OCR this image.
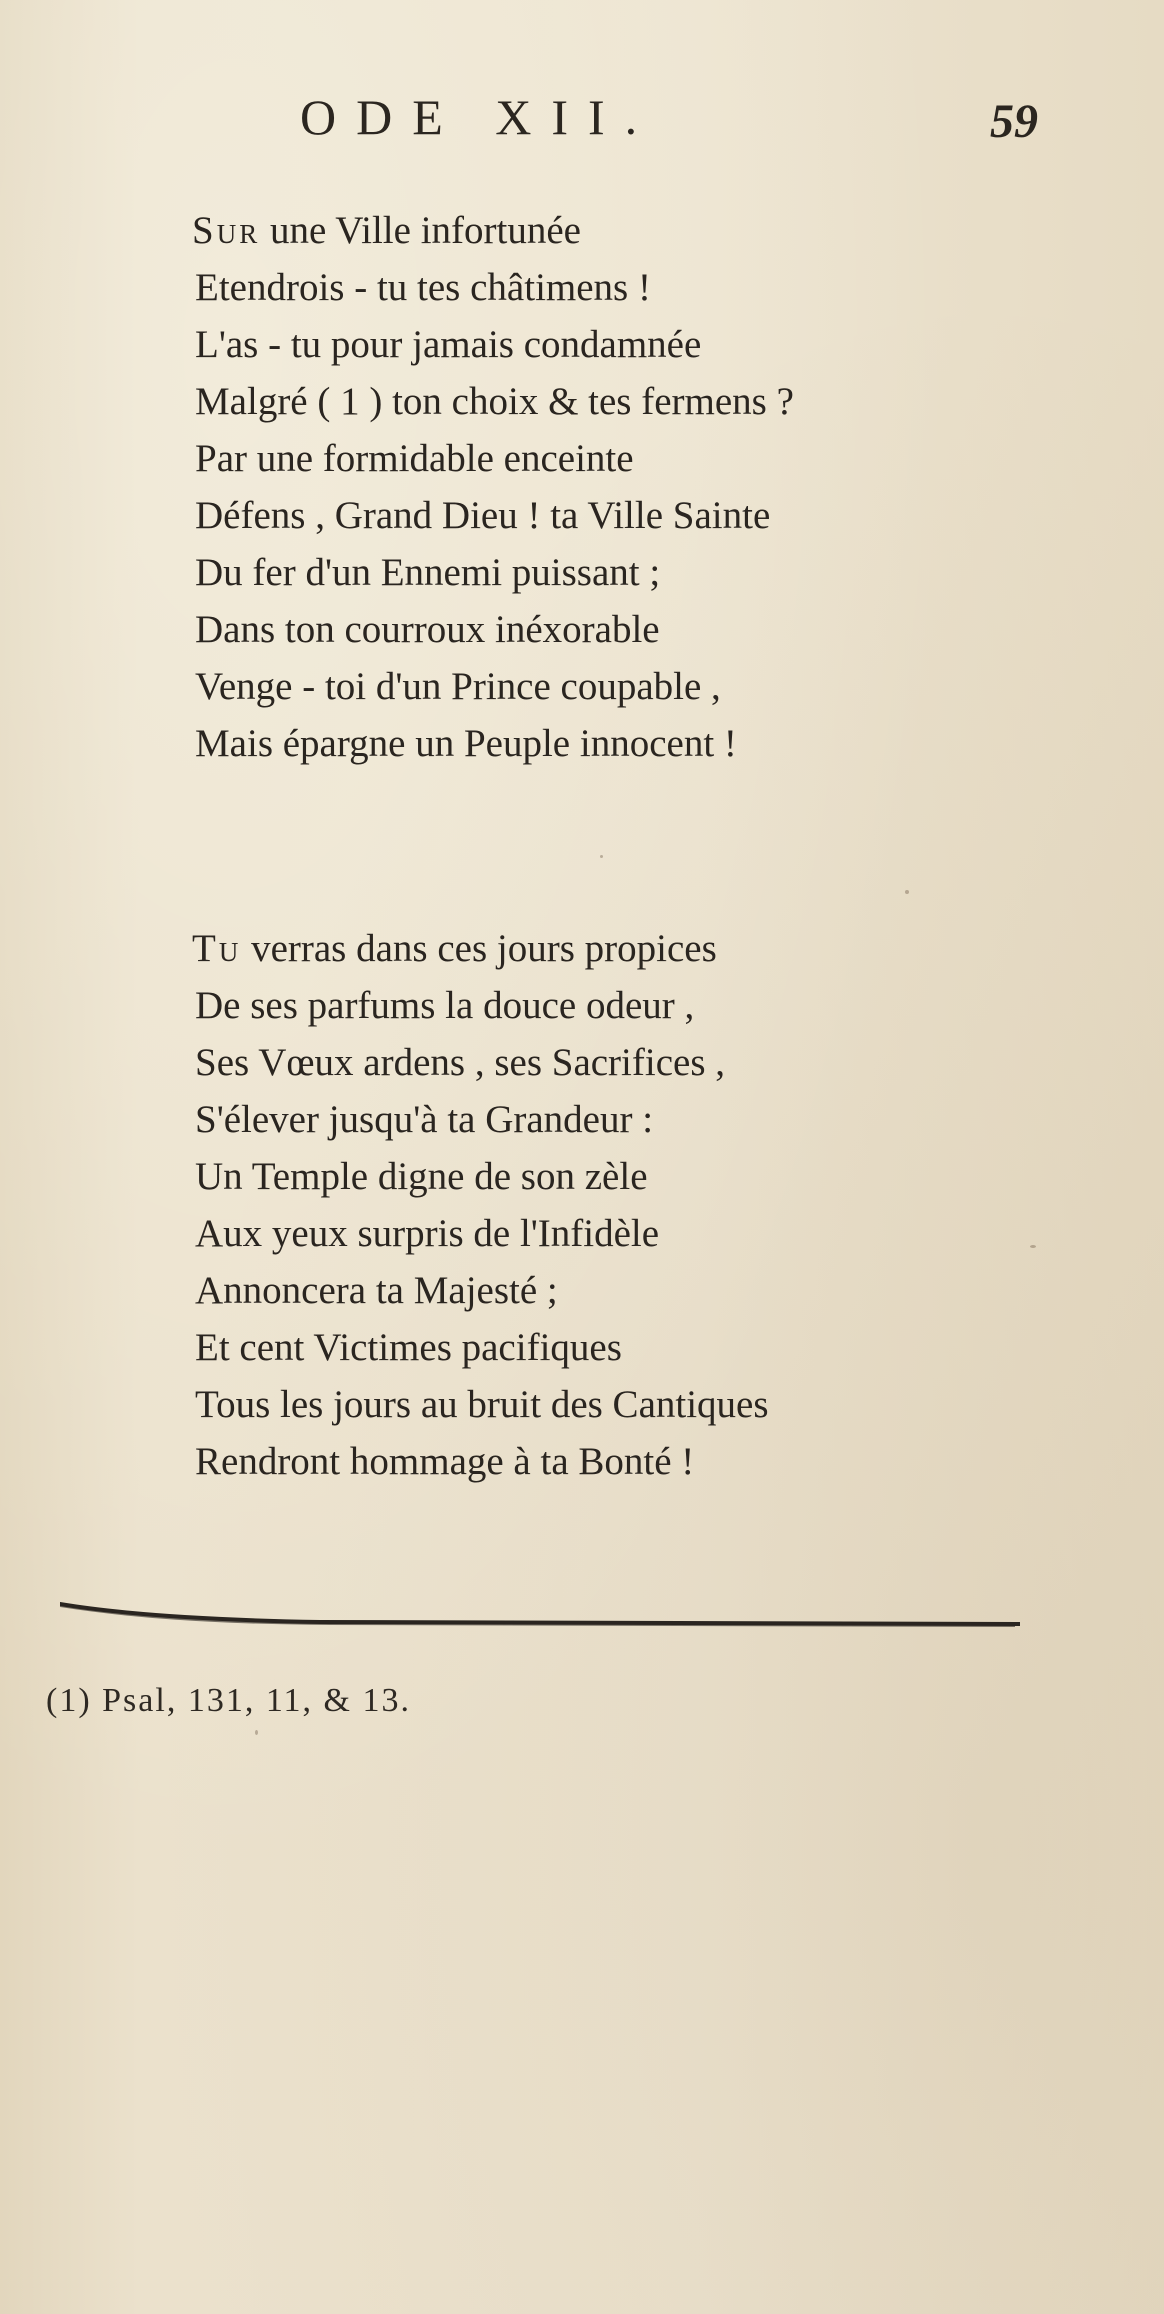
ODE XII.	59
Sur une Ville infortunée
Etendrois - tu tes châtimens !
L'as - tu pour jamais condamnée
Malgré ( 1 ) ton choix & tes fermens ?
Par une formidable enceinte
Défens , Grand Dieu ! ta Ville Sainte
Du fer d'un Ennemi puissant ;
Dans ton courroux inéxorable
Venge - toi d'un Prince coupable ,
Mais épargne un Peuple innocent !
Tu verras dans ces jours propices
De ses parfums la douce odeur ,
Ses Vœux ardens , ses Sacrifices ,
S'élever jusqu'à ta Grandeur :
Un Temple digne de son zèle
Aux yeux surpris de l'Infidèle
Annoncera ta Majesté ;
Et cent Victimes pacifiques
Tous les jours au bruit des Cantiques
Rendront hommage à ta Bonté !
(1) Psal, 131, 11, & 13.
